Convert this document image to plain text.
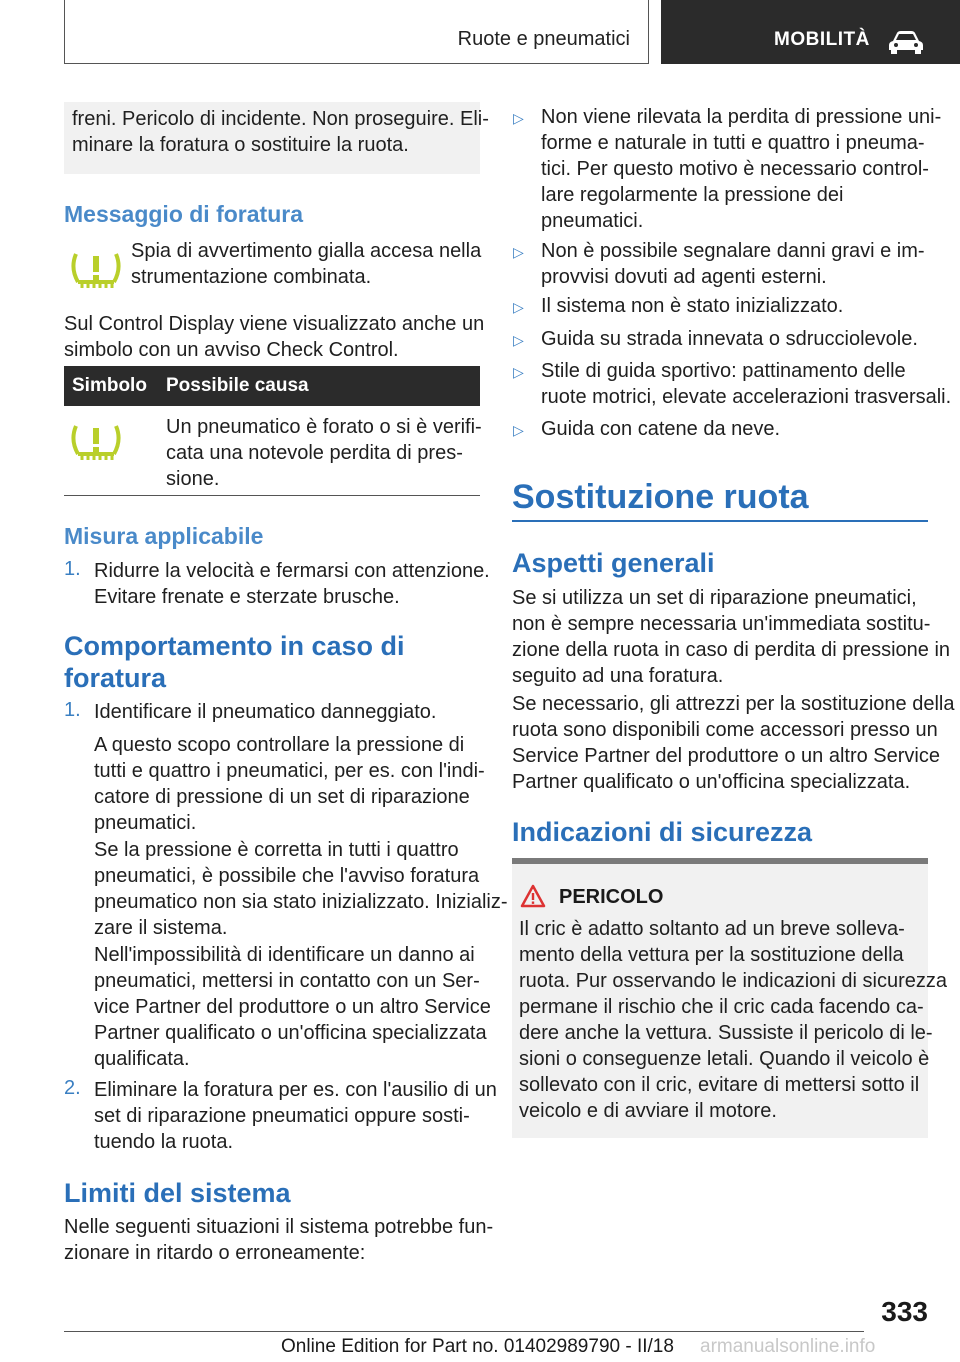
Ruote e pneumatici	MOBILITÀ
freni. Pericolo di incidente. Non proseguire. Eli-
minare la foratura o sostituire la ruota.
Messaggio di foratura
Spia di avvertimento gialla accesa nella
strumentazione combinata.
Sul Control Display viene visualizzato anche un
simbolo con un avviso Check Control.
Simbolo Possibile causa
Un pneumatico è forato o si è verifi-
cata una notevole perdita di pres-
sione.
Misura applicabile
1. Ridurre la velocità e fermarsi con attenzione.
Evitare frenate e sterzate brusche.
Comportamento in caso di
foratura
1. Identificare il pneumatico danneggiato.
A questo scopo controllare la pressione di
tutti e quattro i pneumatici, per es. con l'indi-
catore di pressione di un set di riparazione
pneumatici.
Se la pressione è corretta in tutti i quattro
pneumatici, è possibile che l'avviso foratura
pneumatico non sia stato inizializzato. Inizializ-
zare il sistema.
Nell'impossibilità di identificare un danno ai
pneumatici, mettersi in contatto con un Ser-
vice Partner del produttore o un altro Service
Partner qualificato o un'officina specializzata
qualificata.
2. Eliminare la foratura per es. con l'ausilio di un
set di riparazione pneumatici oppure sosti-
tuendo la ruota.
Limiti del sistema
Nelle seguenti situazioni il sistema potrebbe fun-
zionare in ritardo o erroneamente:
▷ Non viene rilevata la perdita di pressione uni-
forme e naturale in tutti e quattro i pneuma-
tici. Per questo motivo è necessario control-
lare regolarmente la pressione dei
pneumatici.
▷ Non è possibile segnalare danni gravi e im-
provvisi dovuti ad agenti esterni.
▷ Il sistema non è stato inizializzato.
▷ Guida su strada innevata o sdrucciolevole.
▷ Stile di guida sportivo: pattinamento delle
ruote motrici, elevate accelerazioni trasversali.
▷ Guida con catene da neve.
Sostituzione ruota
Aspetti generali
Se si utilizza un set di riparazione pneumatici,
non è sempre necessaria un'immediata sostitu-
zione della ruota in caso di perdita di pressione in
seguito ad una foratura.
Se necessario, gli attrezzi per la sostituzione della
ruota sono disponibili come accessori presso un
Service Partner del produttore o un altro Service
Partner qualificato o un'officina specializzata.
Indicazioni di sicurezza
PERICOLO
Il cric è adatto soltanto ad un breve solleva-
mento della vettura per la sostituzione della
ruota. Pur osservando le indicazioni di sicurezza
permane il rischio che il cric cada facendo ca-
dere anche la vettura. Sussiste il pericolo di le-
sioni o conseguenze letali. Quando il veicolo è
sollevato con il cric, evitare di mettersi sotto il
veicolo e di avviare il motore.
333
Online Edition for Part no. 01402989790 - II/18 armanualsonline.info
